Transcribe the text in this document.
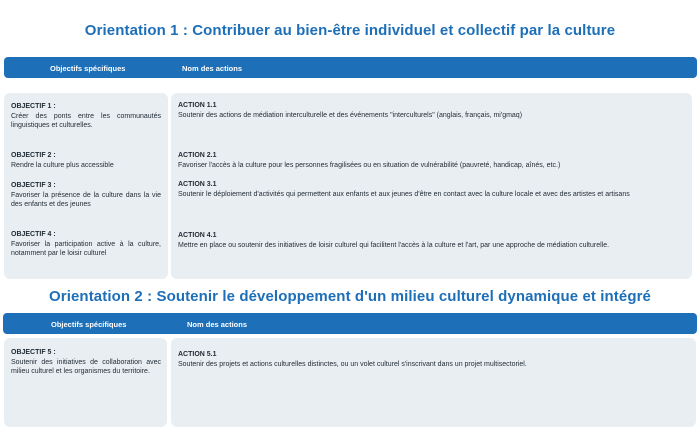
Orientation 1 : Contribuer au bien-être individuel et collectif par la culture
Objectifs spécifiques	Nom des actions
OBJECTIF 1 :
Créer des ponts entre les communautés linguistiques et culturelles.
OBJECTIF 2 :
Rendre la culture plus accessible
OBJECTIF 3 :
Favoriser la présence de la culture dans la vie des enfants et des jeunes
OBJECTIF 4 :
Favoriser la participation active à la culture, notamment par le loisir culturel
ACTION 1.1
Soutenir des actions de médiation interculturelle et des événements "interculturels" (anglais, français, mi'gmaq)
ACTION 2.1
Favoriser l'accès à la culture pour les personnes fragilisées ou en situation de vulnérabilité (pauvreté, handicap, aînés, etc.)
ACTION 3.1
Soutenir le déploiement d'activités qui permettent aux enfants et aux jeunes d'être en contact avec la culture locale et avec des artistes et artisans
ACTION 4.1
Mettre en place ou soutenir des initiatives de loisir culturel qui facilitent l'accès à la culture et l'art, par une approche de médiation culturelle.
Orientation 2 : Soutenir le développement d'un milieu culturel dynamique et intégré
Objectifs spécifiques	Nom des actions
OBJECTIF 5 :
Soutenir des initiatives de collaboration avec milieu culturel et les organismes du territoire.
ACTION 5.1
Soutenir des projets et actions culturelles distinctes, ou un volet culturel s'inscrivant dans un projet multisectoriel.
